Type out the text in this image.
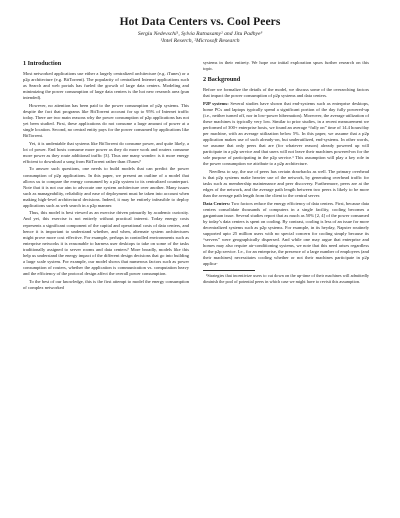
Hot Data Centers vs. Cool Peers
Sergiu Nedevschi¹, Sylvia Ratnasamy² and Jitu Padhye³
¹Intel Reserch, ²Microsoft Research
1 Introduction

Most networked applications use either a largely centralized architecture (e.g. iTunes) or a p2p architecture (e.g. BitTorrent). The popularity of centralized Internet applications such as Search and web portals has fueled the growth of large data centers. Modeling and minimizing the power consumption of large data centers is the hot new research area (pun intended).

However, no attention has been paid to the power consumption of p2p systems. This despite the fact that programs like BitTorrent account for up to 95% of Internet traffic today. There are two main reasons why the power consumption of p2p applications has not yet been studied. First, these applications do not consume a large amount of power at a single location. Second, no central entity pays for the power consumed by applications like BitTorrent.

Yet, it is undeniable that systems like BitTorrent do consume power, and quite likely, a lot of power. End hosts consume more power as they do more work and routers consume more power as they route additional traffic [3]. Thus one many wonder: is it more energy efficient to download a song from BitTorrent rather than iTunes?

To answer such questions, one needs to build models that can predict the power consumption of p2p applications. In this paper, we present an outline of a model that allows us to compare the energy consumed by a p2p system to its centralized counterpart. Note that it is not our aim to advocate one system architecture over another. Many issues such as manageability, reliability and ease of deployment must be taken into account when making high-level architectural decisions. Indeed, it may be entirely infeasible to deploy applications such as web search in a p2p manner.

Thus, this model is best viewed as an exercise driven primarily by academic curiosity. And yet, this exercise is not entirely without practical interest. Today energy costs represents a significant component of the capital and operational costs of data centers, and hence it is important to understand whether, and when, alternate system architectures might prove more cost effective. For example, perhaps in controlled environments such as enterprise networks it is reasonable to harness user desktops to take on some of the tasks traditionally assigned to server rooms and data centers? More broadly, models like this help us understand the energy impact of the different design decisions that go into building a large scale system. For example, our model shows that numerous factors such as power consumption of routers, whether the application is communication vs. computation heavy and the efficiency of the protocol design affect the overall power consumption.

To the best of our knowledge, this is the first attempt to model the energy consumption of complex networked

systems in their entirety. We hope our initial exploration spurs further research on this topic.

2 Background

Before we formalize the details of the model, we discuss some of the overarching factors that impact the power consumption of p2p systems and data centers.

P2P systems: Several studies have shown that end-systems such as enterprise desktops, home PCs and laptops typically spend a significant portion of the day fully powered-up (i.e., neither turned off, nor in low-power hibernation). Moreover, the average utilization of these machines is typically very low. Similar to prior studies, in a recent measurement we performed of 300+ enterprise hosts, we found an average “fully on” time of 14.4 hours/day per machine, with an average utilization below 5%. In this paper, we assume that a p2p application makes use of such already-on, but underutilized, end-systems. In other words, we assume that only peers that are (for whatever reason) already powered up will participate in a p2p service and that users will not leave their machines powered-on for the sole purpose of participating in the p2p service.¹ This assumption will play a key role in the power consumption we attribute to a p2p architecture.

Needless to say, the use of peers has certain drawbacks as well. The primary overhead is that p2p systems make heavier use of the network, by generating overhead traffic for tasks such as membership maintenance and peer discovery. Furthermore, peers are at the edges of the network, and the average path length between two peers is likely to be more than the average path length from the client to the central server.

Data Centers: Two factors reduce the energy efficiency of data centers. First, because data centers consolidate thousands of computers in a single facility, cooling becomes a gargantuan issue. Several studies report that as much as 50% [2, 4] of the power consumed by today’s data centers is spent on cooling. By contrast, cooling is less of an issue for more decentralized systems such as p2p systems. For example, in its heyday, Napster routinely supported upto 25 million users with no special concern for cooling simply because its “servers” were geographically dispersed. And while one may argue that enterprise and homes may also require air-conditioning systems, we note that this need arises regardless of the p2p service. I.e., for an enterprise, the presence of a large number of employees (and their machines) necessitates cooling whether or not their machines participate in p2p applica-

¹Strategies that incentivize users to cut down on the up-time of their machines will admittedly diminish the pool of potential peers in which case we might have to revisit this assumption.
